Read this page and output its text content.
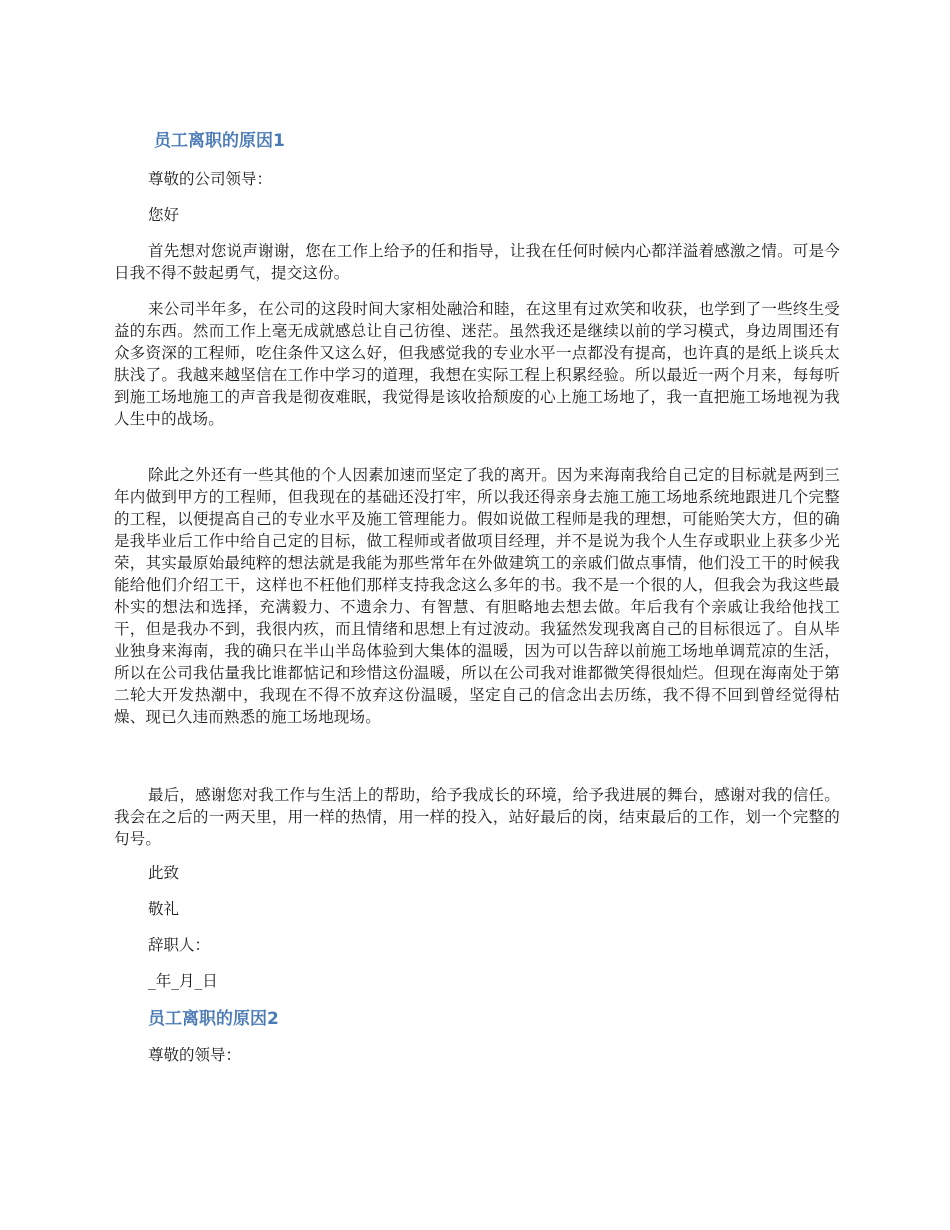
员工离职的原因1
尊敬的公司领导：
您好
首先想对您说声谢谢，您在工作上给予的任和指导，让我在任何时候内心都洋溢着感激之情。可是今日我不得不鼓起勇气，提交这份。
来公司半年多，在公司的这段时间大家相处融洽和睦，在这里有过欢笑和收获，也学到了一些终生受益的东西。然而工作上毫无成就感总让自己彷徨、迷茫。虽然我还是继续以前的学习模式，身边周围还有众多资深的工程师，吃住条件又这么好，但我感觉我的专业水平一点都没有提高，也许真的是纸上谈兵太肤浅了。我越来越坚信在工作中学习的道理，我想在实际工程上积累经验。所以最近一两个月来，每每听到施工场地施工的声音我是彻夜难眠，我觉得是该收拾颓废的心上施工场地了，我一直把施工场地视为我人生中的战场。
除此之外还有一些其他的个人因素加速而坚定了我的离开。因为来海南我给自己定的目标就是两到三年内做到甲方的工程师，但我现在的基础还没打牢，所以我还得亲身去施工施工场地系统地跟进几个完整的工程，以便提高自己的专业水平及施工管理能力。假如说做工程师是我的理想，可能贻笑大方，但的确是我毕业后工作中给自己定的目标，做工程师或者做项目经理，并不是说为我个人生存或职业上获多少光荣，其实最原始最纯粹的想法就是我能为那些常年在外做建筑工的亲戚们做点事情，他们没工干的时候我能给他们介绍工干，这样也不枉他们那样支持我念这么多年的书。我不是一个很的人，但我会为我这些最朴实的想法和选择，充满毅力、不遗余力、有智慧、有胆略地去想去做。年后我有个亲戚让我给他找工干，但是我办不到，我很内疚，而且情绪和思想上有过波动。我猛然发现我离自己的目标很远了。自从毕业独身来海南，我的确只在半山半岛体验到大集体的温暖，因为可以告辞以前施工场地单调荒凉的生活，所以在公司我估量我比谁都惦记和珍惜这份温暖，所以在公司我对谁都微笑得很灿烂。但现在海南处于第二轮大开发热潮中，我现在不得不放弃这份温暖，坚定自己的信念出去历练，我不得不回到曾经觉得枯燥、现已久违而熟悉的施工场地现场。
最后，感谢您对我工作与生活上的帮助，给予我成长的环境，给予我进展的舞台，感谢对我的信任。我会在之后的一两天里，用一样的热情，用一样的投入，站好最后的岗，结束最后的工作，划一个完整的句号。
此致
敬礼
辞职人：
_年_月_日
员工离职的原因2
尊敬的领导：
